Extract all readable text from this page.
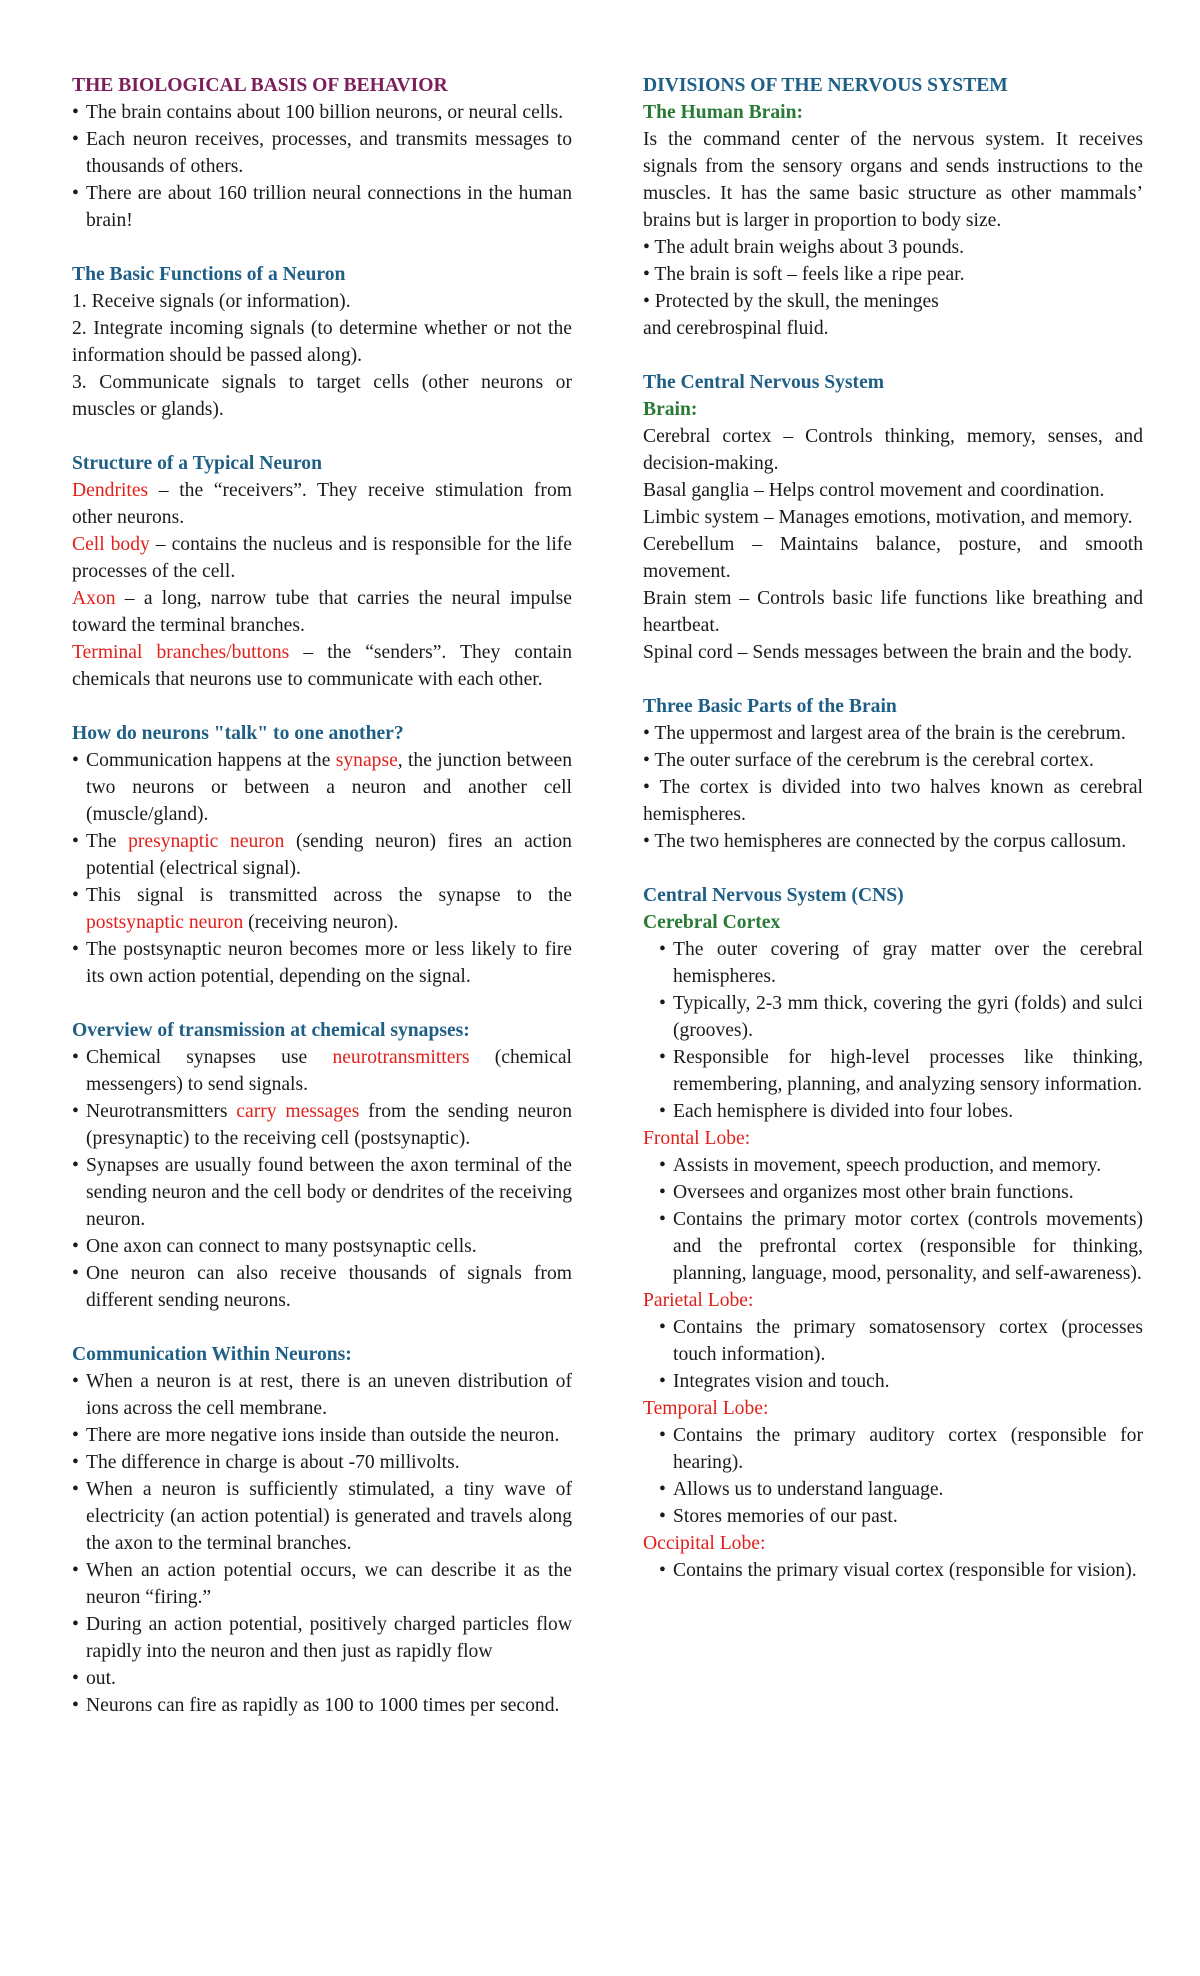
THE BIOLOGICAL BASIS OF BEHAVIOR

• The brain contains about 100 billion neurons, or neural cells.
• Each neuron receives, processes, and transmits messages to thousands of others.
• There are about 160 trillion neural connections in the human brain!

The Basic Functions of a Neuron

1. Receive signals (or information).

2. Integrate incoming signals (to determine whether or not the information should be passed along).

3. Communicate signals to target cells (other neurons or muscles or glands).

Structure of a Typical Neuron

Dendrites – the “receivers”. They receive stimulation from other neurons.

Cell body – contains the nucleus and is responsible for the life processes of the cell.

Axon – a long, narrow tube that carries the neural impulse toward the terminal branches.

Terminal branches/buttons – the “senders”. They contain chemicals that neurons use to communicate with each other.

How do neurons "talk" to one another?

• Communication happens at the synapse, the junction between two neurons or between a neuron and another cell (muscle/gland).
• The presynaptic neuron (sending neuron) fires an action potential (electrical signal).
• This signal is transmitted across the synapse to the postsynaptic neuron (receiving neuron).
• The postsynaptic neuron becomes more or less likely to fire its own action potential, depending on the signal.

Overview of transmission at chemical synapses:

• Chemical synapses use neurotransmitters (chemical messengers) to send signals.
• Neurotransmitters carry messages from the sending neuron (presynaptic) to the receiving cell (postsynaptic).
• Synapses are usually found between the axon terminal of the sending neuron and the cell body or dendrites of the receiving neuron.
• One axon can connect to many postsynaptic cells.
• One neuron can also receive thousands of signals from different sending neurons.

Communication Within Neurons:

• When a neuron is at rest, there is an uneven distribution of ions across the cell membrane.
• There are more negative ions inside than outside the neuron.
• The difference in charge is about -70 millivolts.
• When a neuron is sufficiently stimulated, a tiny wave of electricity (an action potential) is generated and travels along the axon to the terminal branches.
• When an action potential occurs, we can describe it as the neuron “firing.”
• During an action potential, positively charged particles flow rapidly into the neuron and then just as rapidly flow
• out.
• Neurons can fire as rapidly as 100 to 1000 times per second.

DIVISIONS OF THE NERVOUS SYSTEM

The Human Brain:

Is the command center of the nervous system. It receives signals from the sensory organs and sends instructions to the muscles. It has the same basic structure as other mammals’ brains but is larger in proportion to body size.

• The adult brain weighs about 3 pounds.

• The brain is soft – feels like a ripe pear.

• Protected by the skull, the meninges

and cerebrospinal fluid.

The Central Nervous System

Brain:

Cerebral cortex – Controls thinking, memory, senses, and decision-making.

Basal ganglia – Helps control movement and coordination.

Limbic system – Manages emotions, motivation, and memory.

Cerebellum – Maintains balance, posture, and smooth movement.

Brain stem – Controls basic life functions like breathing and heartbeat.

Spinal cord – Sends messages between the brain and the body.

Three Basic Parts of the Brain

• The uppermost and largest area of the brain is the cerebrum.

• The outer surface of the cerebrum is the cerebral cortex.

• The cortex is divided into two halves known as cerebral hemispheres.

• The two hemispheres are connected by the corpus callosum.

Central Nervous System (CNS)

Cerebral Cortex

• The outer covering of gray matter over the cerebral hemispheres.
• Typically, 2-3 mm thick, covering the gyri (folds) and sulci (grooves).
• Responsible for high-level processes like thinking, remembering, planning, and analyzing sensory information.
• Each hemisphere is divided into four lobes.

Frontal Lobe:

• Assists in movement, speech production, and memory.
• Oversees and organizes most other brain functions.
• Contains the primary motor cortex (controls movements) and the prefrontal cortex (responsible for thinking, planning, language, mood, personality, and self-awareness).

Parietal Lobe:

• Contains the primary somatosensory cortex (processes touch information).
• Integrates vision and touch.

Temporal Lobe:

• Contains the primary auditory cortex (responsible for hearing).
• Allows us to understand language.
• Stores memories of our past.

Occipital Lobe:

• Contains the primary visual cortex (responsible for vision).
